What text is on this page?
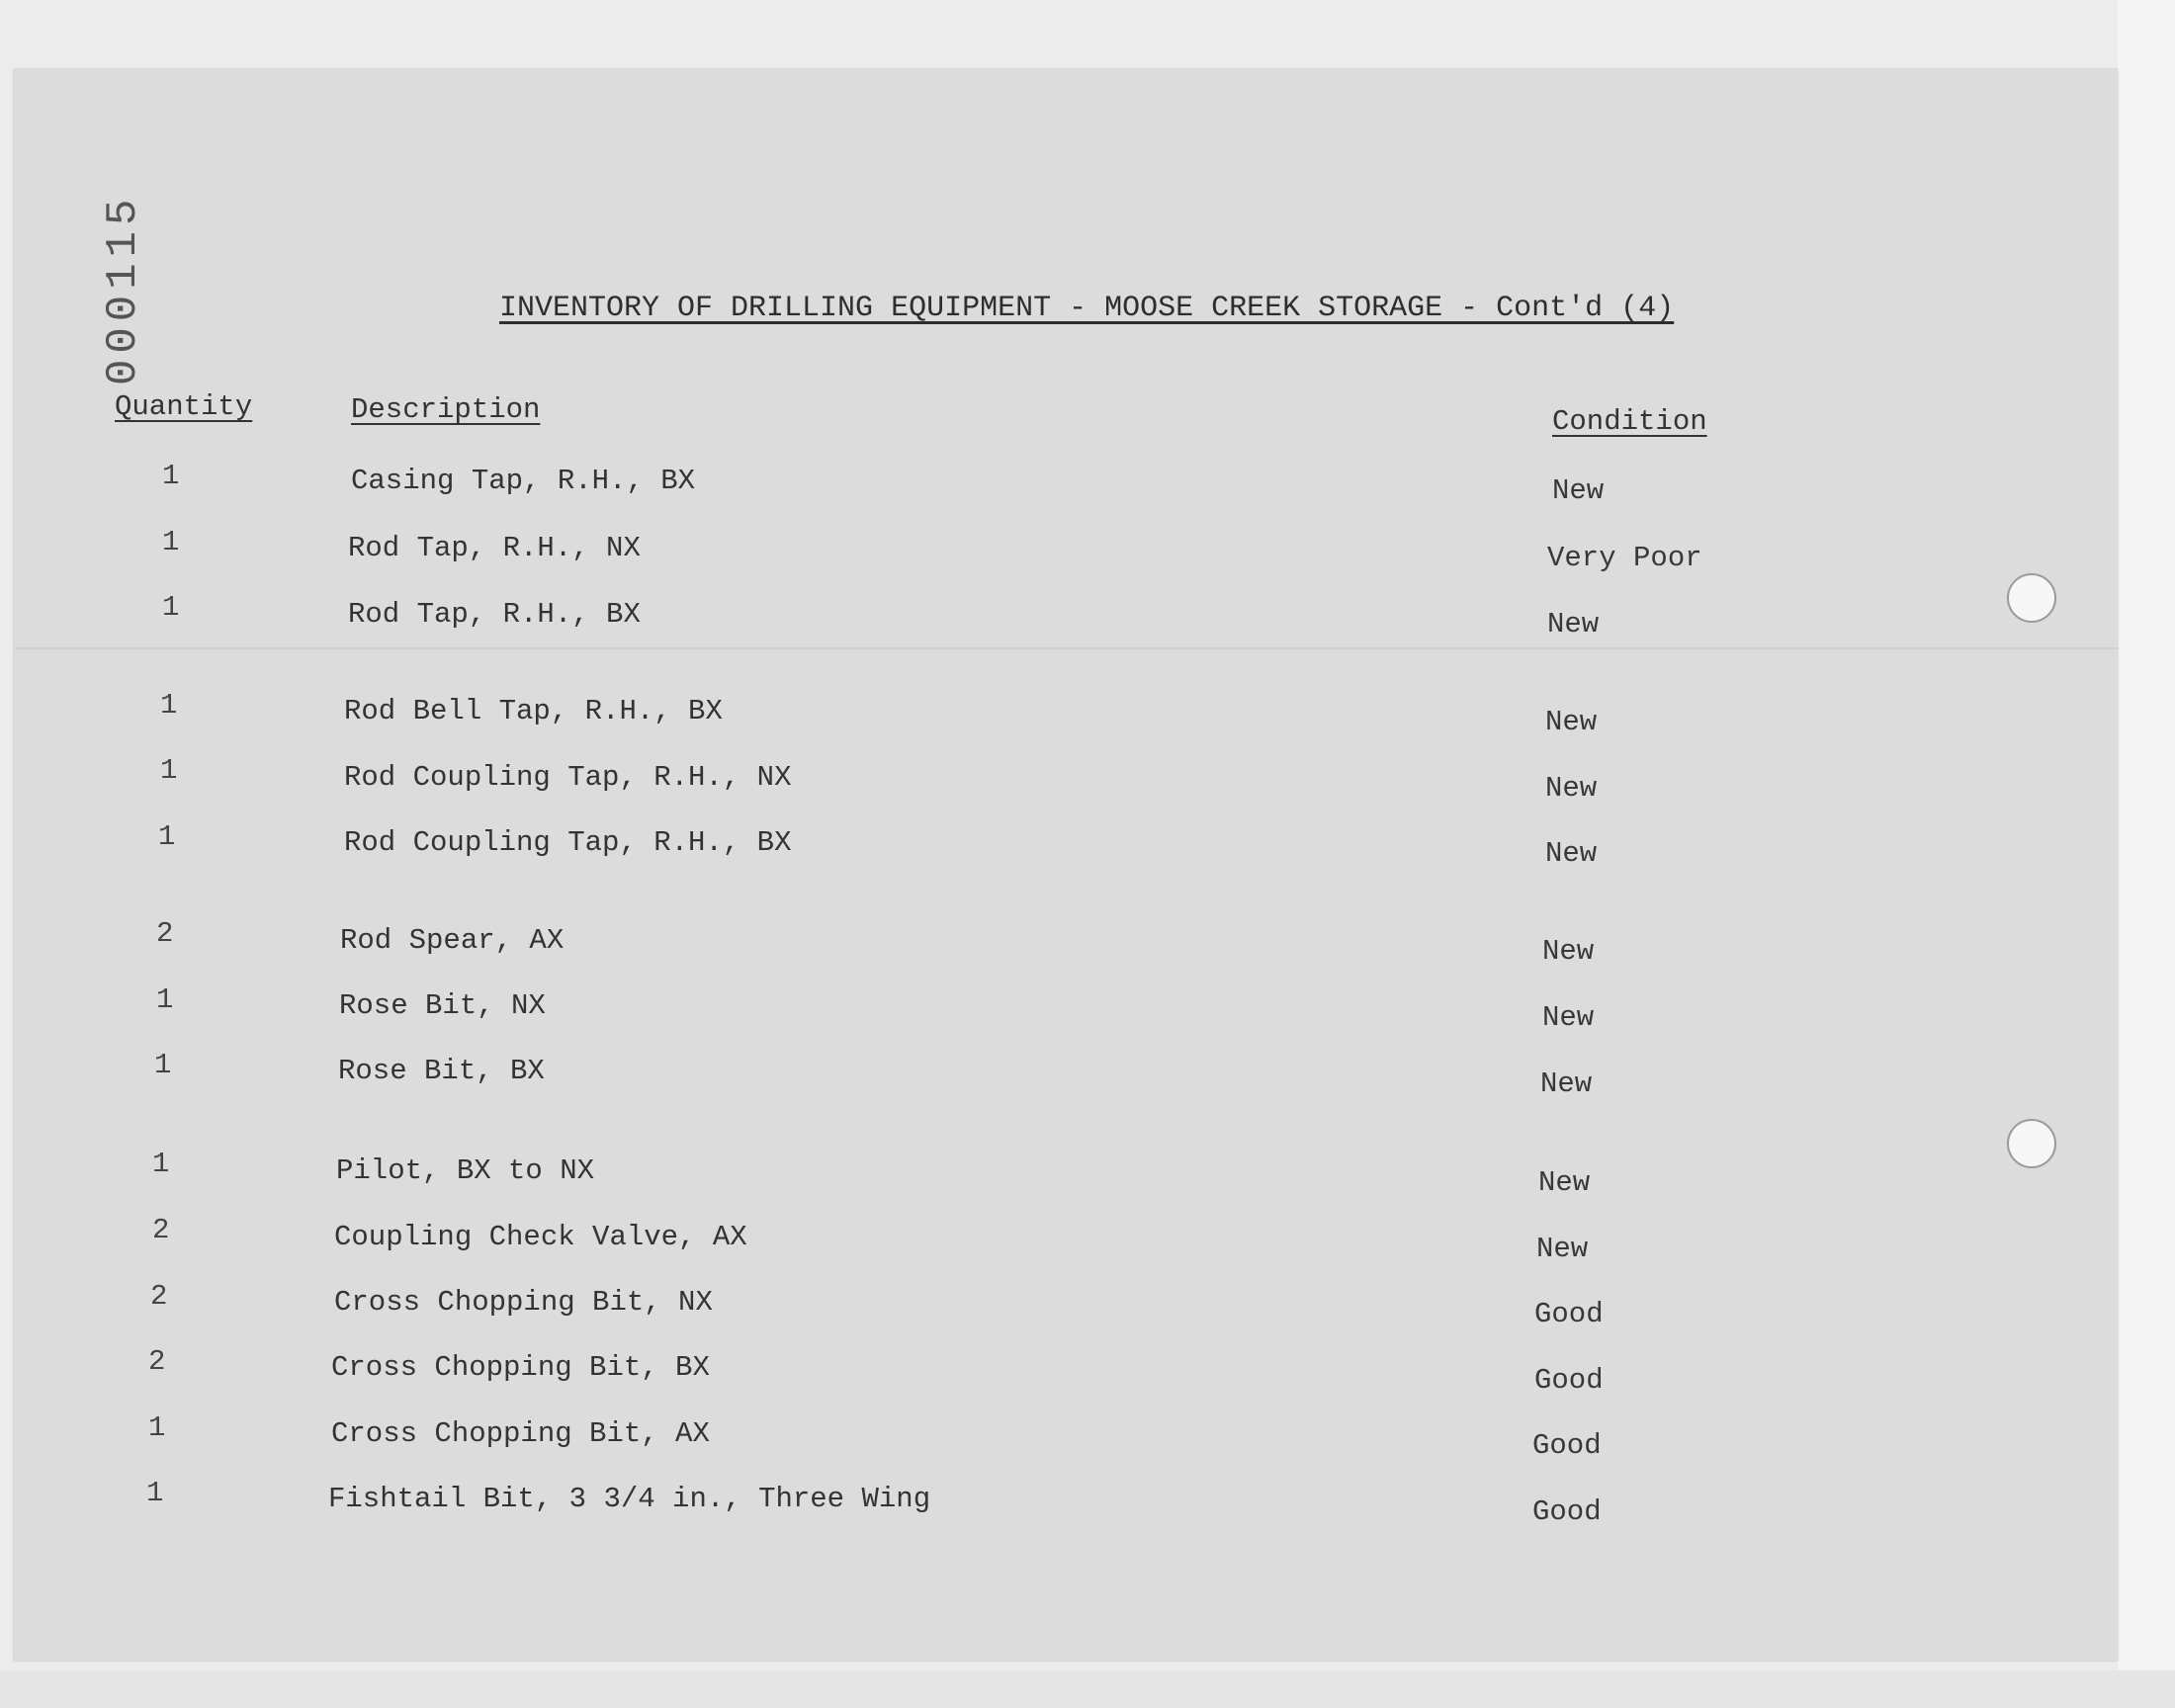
000115	INVENTORY OF DRILLING EQUIPMENT - MOOSE CREEK STORAGE - Cont'd (4)
Quantity	Description	Condition
1	Casing Tap, R.H., BX	New
1	Rod Tap, R.H., NX	Very Poor
1	Rod Tap, R.H., BX	New
1	Rod Bell Tap, R.H., BX	New
1	Rod Coupling Tap, R.H., NX	New
1	Rod Coupling Tap, R.H., BX	New
2	Rod Spear, AX	New
1	Rose Bit, NX	New
1	Rose Bit, BX	New
1	Pilot, BX to NX	New
2	Coupling Check Valve, AX	New
2	Cross Chopping Bit, NX	Good
2	Cross Chopping Bit, BX	Good
1	Cross Chopping Bit, AX	Good
1	Fishtail Bit, 3 3/4 in., Three Wing	Good
